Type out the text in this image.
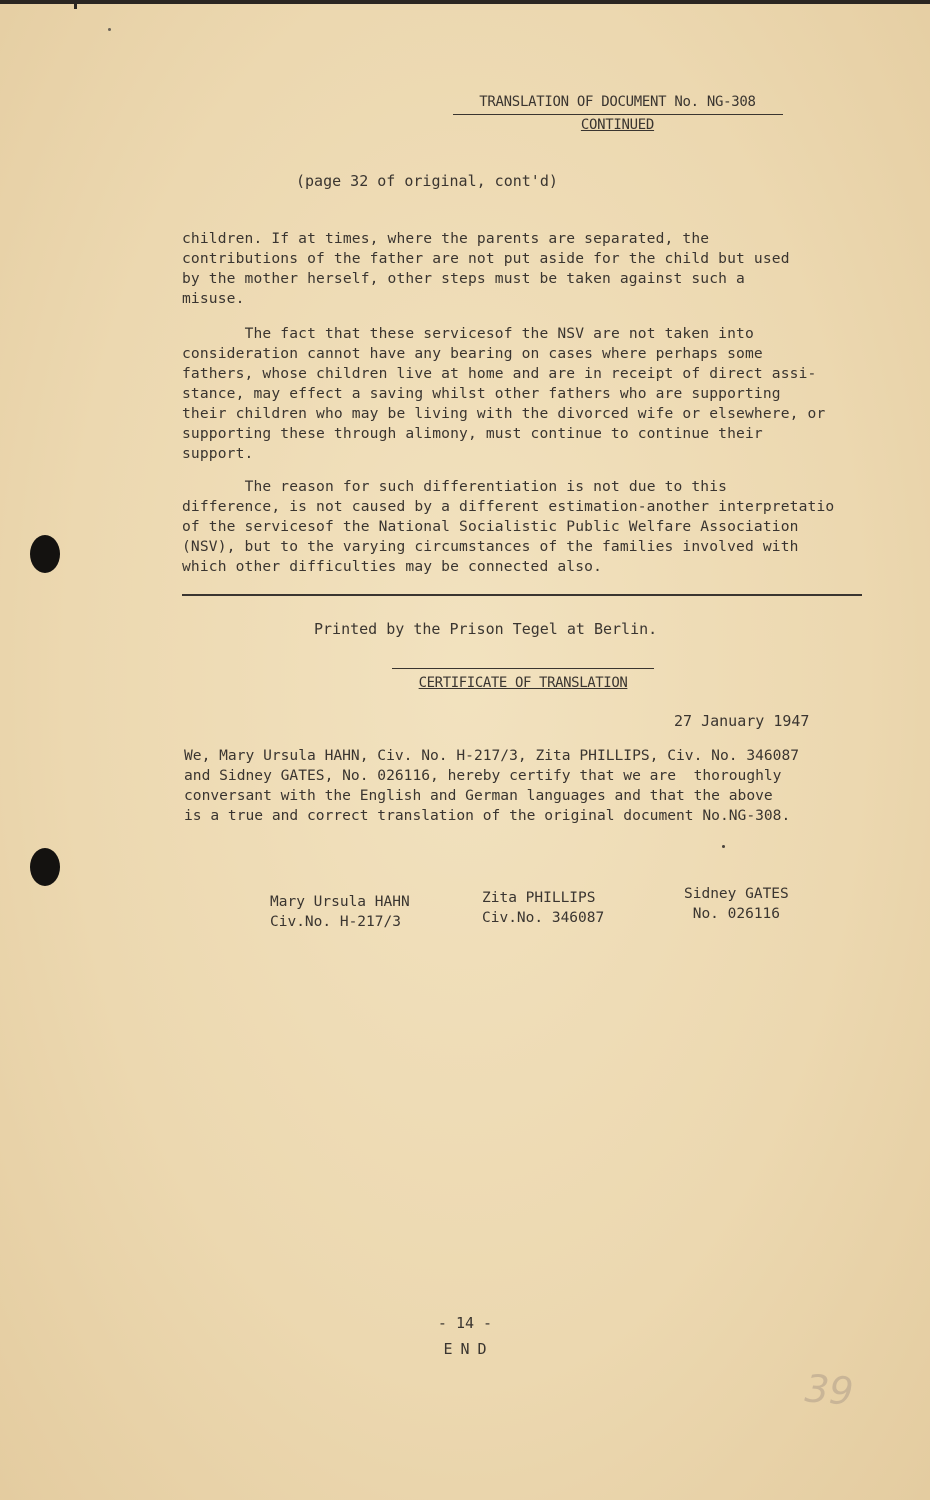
TRANSLATION OF DOCUMENT No. NG-308
CONTINUED
(page 32 of original, cont'd)
children. If at times, where the parents are separated, the
contributions of the father are not put aside for the child but used
by the mother herself, other steps must be taken against such a
misuse.
The fact that these servicesof the NSV are not taken into
consideration cannot have any bearing on cases where perhaps some
fathers, whose children live at home and are in receipt of direct assi-
stance, may effect a saving whilst other fathers who are supporting
their children who may be living with the divorced wife or elsewhere, or
supporting these through alimony, must continue to continue their
support.
The reason for such differentiation is not due to this
difference, is not caused by a different estimation-another interpretatio
of the servicesof the National Socialistic Public Welfare Association
(NSV), but to the varying circumstances of the families involved with
which other difficulties may be connected also.
Printed by the Prison Tegel at Berlin.
CERTIFICATE OF TRANSLATION
27 January 1947
We, Mary Ursula HAHN, Civ. No. H-217/3, Zita PHILLIPS, Civ. No. 346087
and Sidney GATES, No. 026116, hereby certify that we are  thoroughly
conversant with the English and German languages and that the above
is a true and correct translation of the original document No.NG-308.
Mary Ursula HAHN
Civ.No. H-217/3
Zita PHILLIPS
Civ.No. 346087
Sidney GATES
No. 026116
- 14 -
END
39
